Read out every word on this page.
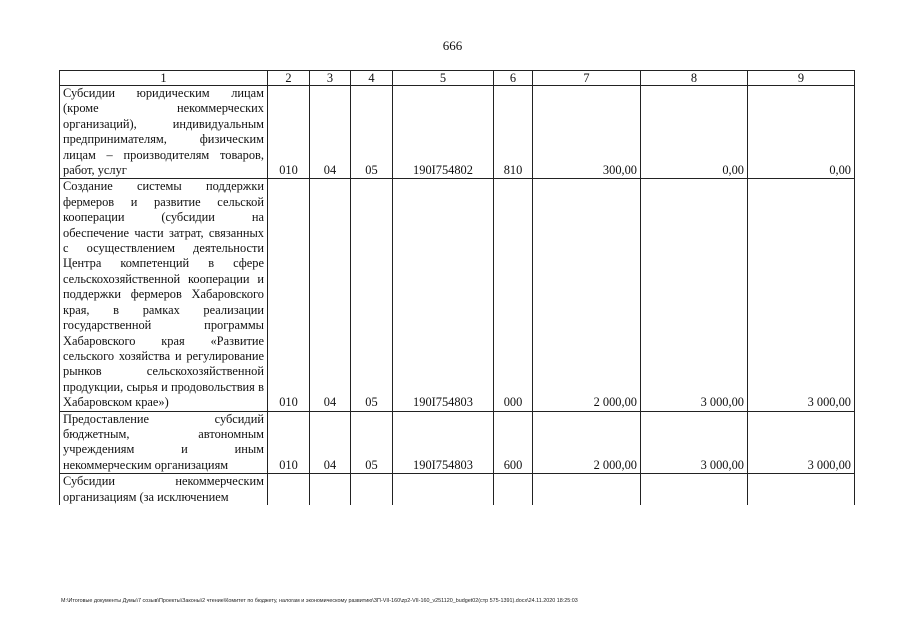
666
1	2	3	4	5	6	7	8	9
Субсидии юридическим лицам (кроме некоммерческих организаций), индивидуальным предпринимателям, физическим лицам – производителям товаров, работ, услуг	010	04	05	190I754802	810	300,00	0,00	0,00
Создание системы поддержки фермеров и развитие сельской кооперации (субсидии на обеспечение части затрат, связанных с осуществлением деятельности Центра компетенций в сфере сельскохозяйственной кооперации и поддержки фермеров Хабаровского края, в рамках реализации государственной программы Хабаровского края «Развитие сельского хозяйства и регулирование рынков сельскохозяйственной продукции, сырья и продовольствия в Хабаровском крае»)	010	04	05	190I754803	000	2 000,00	3 000,00	3 000,00
Предоставление субсидий бюджетным, автономным учреждениям и иным некоммерческим организациям	010	04	05	190I754803	600	2 000,00	3 000,00	3 000,00
Субсидии некоммерческим организациям (за исключением								
M:\Итоговые документы Думы\7 созыв\Проекты\Законы\2 чтение\Комитет по бюджету, налогам и экономическому развитию\ЗП-VII-160\zp2-VII-160_v251120_budget02(стр 575-1391).docx\24.11.2020 18:25:03
